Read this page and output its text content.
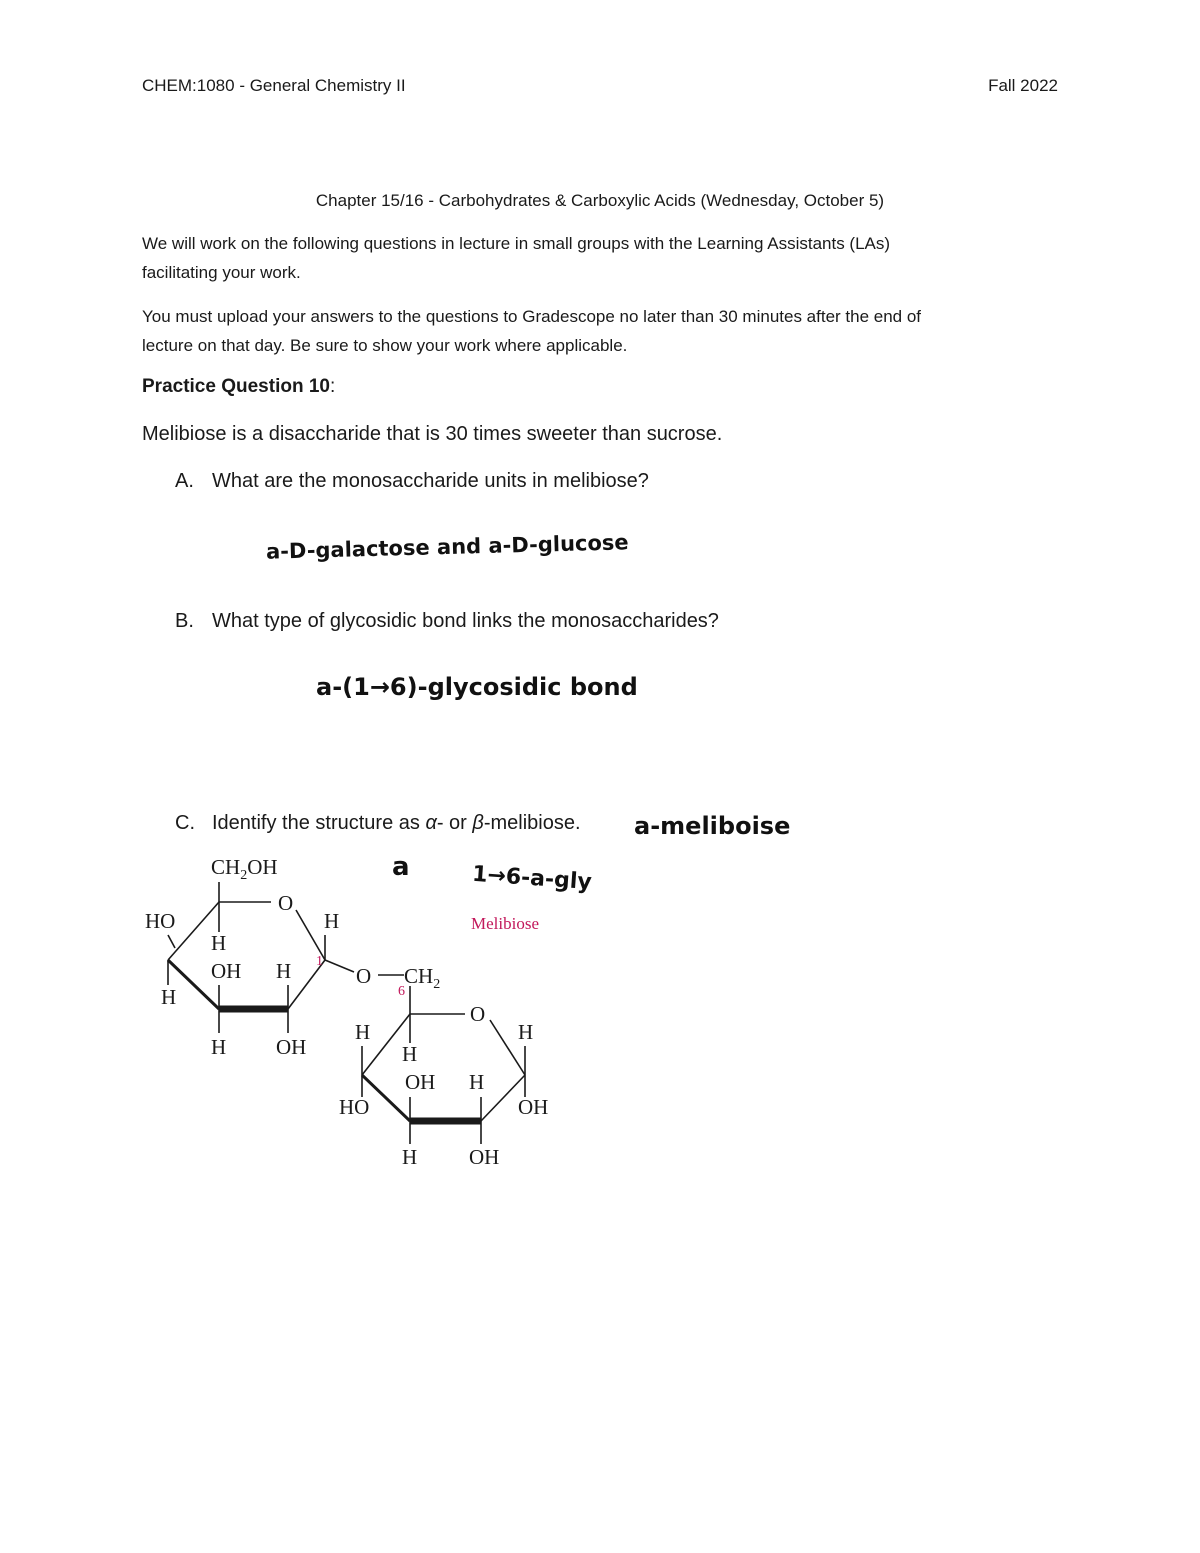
CHEM:1080 - General Chemistry II	Fall 2022
Chapter 15/16 - Carbohydrates & Carboxylic Acids (Wednesday, October 5)
We will work on the following questions in lecture in small groups with the Learning Assistants (LAs)
facilitating your work.
You must upload your answers to the questions to Gradescope no later than 30 minutes after the end of
lecture on that day. Be sure to show your work where applicable.
Practice Question 10:
Melibiose is a disaccharide that is 30 times sweeter than sucrose.
A. What are the monosaccharide units in melibiose?
a-D-galactose and a-D-glucose
B. What type of glycosidic bond links the monosaccharides?
a-(1→6)-glycosidic bond
C. Identify the structure as α- or β-melibiose. a-meliboise
a	1→6-a-gly
$CH_2OH$
O
HO	H
H
OH H
H
H OH
O $CH_2$
O
H	H
H
OH H
HO	OH
H OH
1
6
Melibiose
